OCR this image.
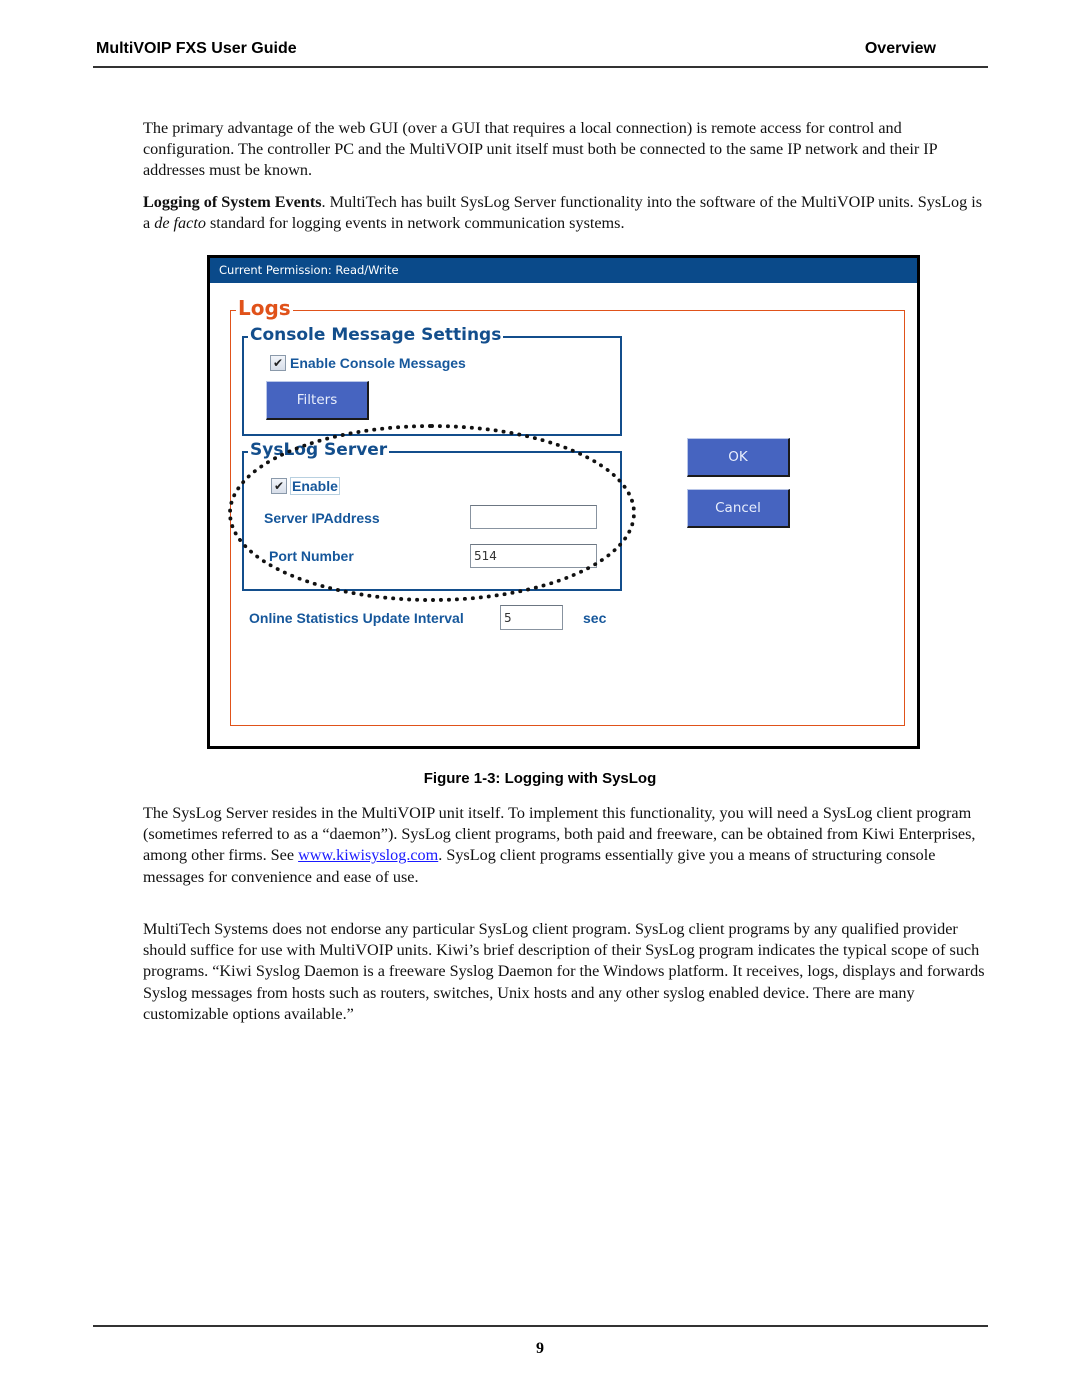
MultiVOIP FXS User Guide	Overview

The primary advantage of the web GUI (over a GUI that requires a local connection) is remote access for control and configuration. The controller PC and the MultiVOIP unit itself must both be connected to the same IP network and their IP addresses must be known.

Logging of System Events. MultiTech has built SysLog Server functionality into the software of the MultiVOIP units. SysLog is a de facto standard for logging events in network communication systems.

Current Permission: Read/Write
Logs
Console Message Settings
✔ Enable Console Messages
Filters
SysLog Server
✔ Enable
Server IPAddress
Port Number
514
Online Statistics Update Interval
5	sec
OK
Cancel
Figure 1-3: Logging with SysLog

The SysLog Server resides in the MultiVOIP unit itself. To implement this functionality, you will need a SysLog client program (sometimes referred to as a “daemon”). SysLog client programs, both paid and freeware, can be obtained from Kiwi Enterprises, among other firms. See www.kiwisyslog.com. SysLog client programs essentially give you a means of structuring console messages for convenience and ease of use.

MultiTech Systems does not endorse any particular SysLog client program. SysLog client programs by any qualified provider should suffice for use with MultiVOIP units. Kiwi’s brief description of their SysLog program indicates the typical scope of such programs. “Kiwi Syslog Daemon is a freeware Syslog Daemon for the Windows platform. It receives, logs, displays and forwards Syslog messages from hosts such as routers, switches, Unix hosts and any other syslog enabled device. There are many customizable options available.”

9
